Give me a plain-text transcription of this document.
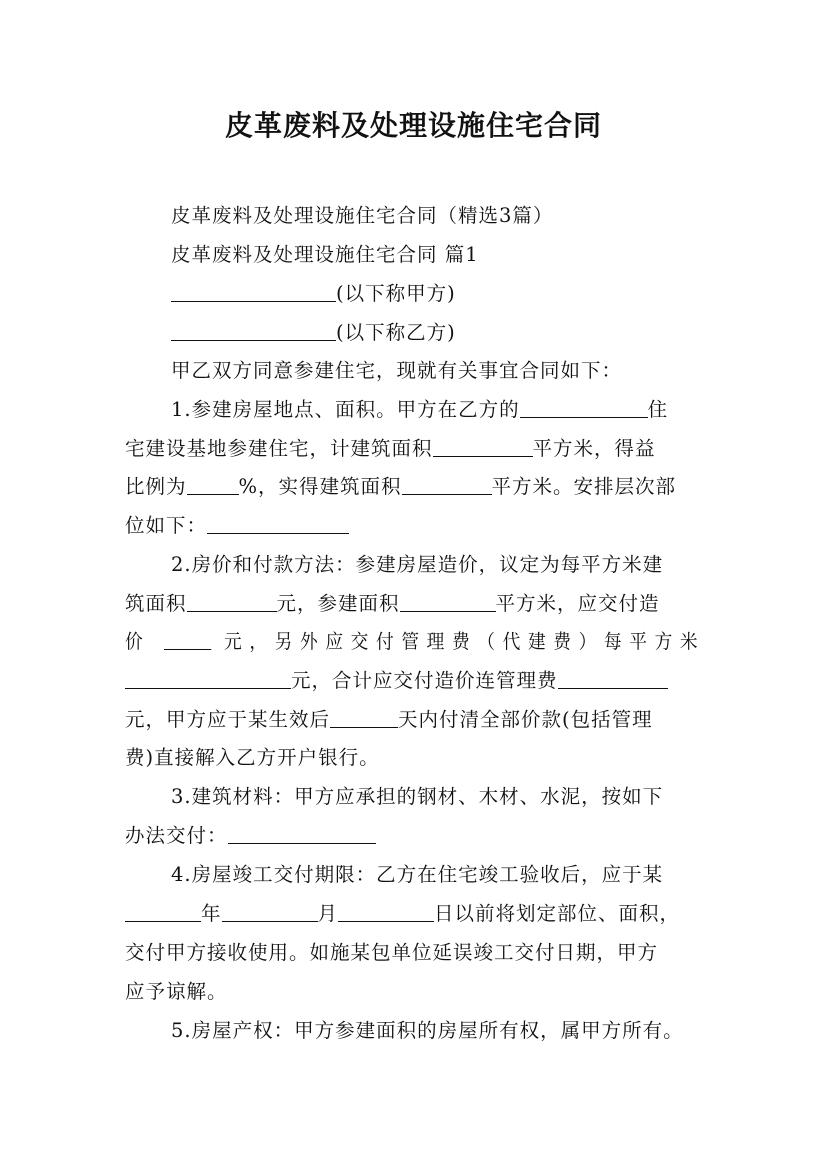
皮革废料及处理设施住宅合同
皮革废料及处理设施住宅合同（精选3篇）
皮革废料及处理设施住宅合同 篇1
(以下称甲方)
(以下称乙方)
甲乙双方同意参建住宅，现就有关事宜合同如下：
1.参建房屋地点、面积。甲方在乙方的	住
宅建设基地参建住宅，计建筑面积	平方米，得益
比例为	%，实得建筑面积	平方米。安排层次部
位如下：
2.房价和付款方法：参建房屋造价，议定为每平方米建
筑面积	元，参建面积	平方米，应交付造
价	元，另外应交付管理费（代建费）每平方米
元，合计应交付造价连管理费
元，甲方应于某生效后	天内付清全部价款(包括管理
费)直接解入乙方开户银行。
3.建筑材料：甲方应承担的钢材、木材、水泥，按如下
办法交付：
4.房屋竣工交付期限：乙方在住宅竣工验收后，应于某
年	月	日以前将划定部位、面积，
交付甲方接收使用。如施某包单位延误竣工交付日期，甲方
应予谅解。
5.房屋产权：甲方参建面积的房屋所有权，属甲方所有。
